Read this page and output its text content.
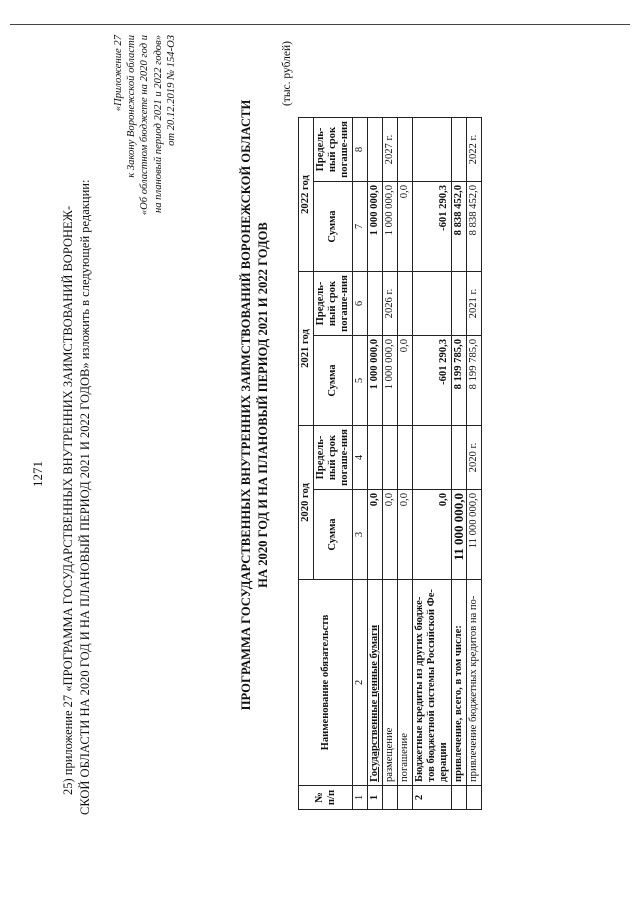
1271 25) приложение 27 «ПРОГРАММА ГОСУДАРСТВЕННЫХ ВНУТРЕННИХ ЗАИМСТВОВАНИЙ ВОРОНЕЖ- СКОЙ ОБЛАСТИ НА 2020 ГОД И НА ПЛАНОВЫЙ ПЕРИОД 2021 И 2022 ГОДОВ» изложить в следующей редакции:
«Приложение 27 к Закону Воронежской области «Об областном бюджете на 2020 год и на плановый период 2021 и 2022 годов» от 20.12.2019 № 154-ОЗ
ПРОГРАММА ГОСУДАРСТВЕННЫХ ВНУТРЕННИХ ЗАИМСТВОВАНИЙ ВОРОНЕЖСКОЙ ОБЛАСТИ НА 2020 ГОД И НА ПЛАНОВЫЙ ПЕРИОД 2021 И 2022 ГОДОВ
(тыс. рублей)
№ п/п	Наименование обязательств	2020 год		2021 год		2022 год	
		Сумма	Предель-ный срок погаше-ния	Сумма	Предель-ный срок погаше-ния	Сумма	Предель-ный срок погаше-ния
1	2	3	4	5	6	7	8
1	Государственные ценные бумаги	0,0		1 000 000,0		1 000 000,0	
	размещение	0,0		1 000 000,0	2026 г.	1 000 000,0	2027 г.
	погашение	0,0		0,0		0,0	
2	Бюджетные кредиты из других бюдже-тов бюджетной системы Российской Фе-дерации	0,0		-601 290,3		-601 290,3	
	привлечение, всего, в том числе:	11 000 000,0		8 199 785,0		8 838 452,0	
	привлечение бюджетных кредитов на по-	11 000 000,0	2020 г.	8 199 785,0	2021 г.	8 838 452,0	2022 г.
